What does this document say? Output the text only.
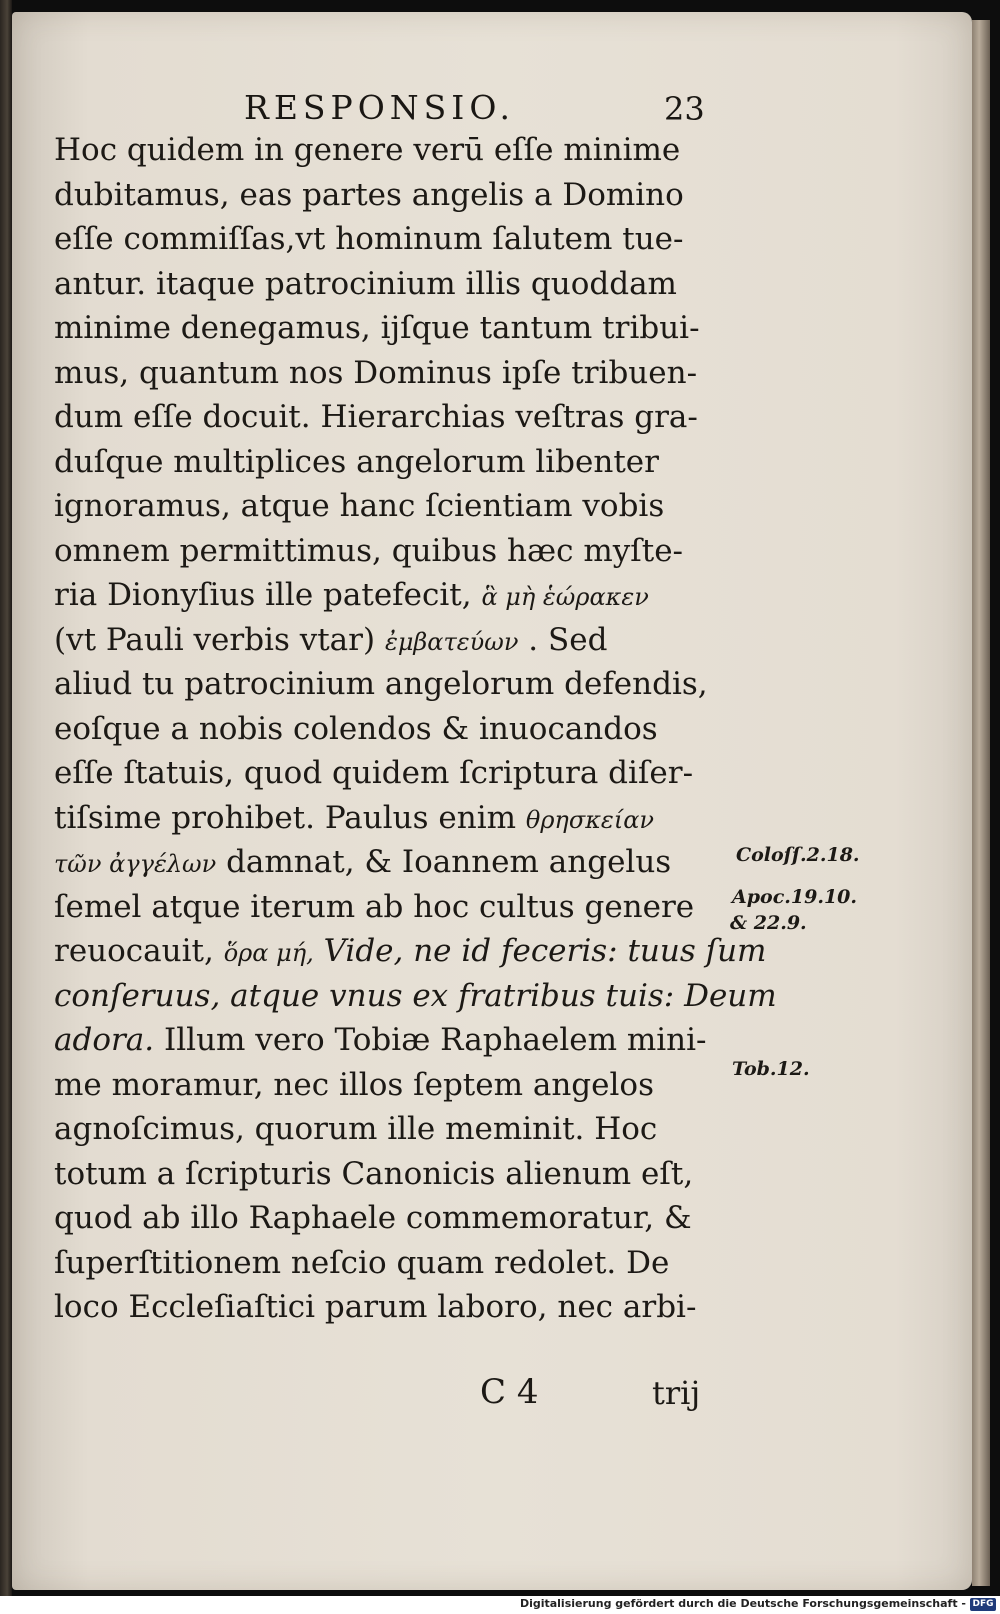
RESPONSIO.	23
Hoc quidem in genere verū eſſe minime
dubitamus, eas partes angelis a Domino
eſſe commiſſas,vt hominum ſalutem tue-
antur. itaque patrocinium illis quoddam
minime denegamus, ijſque tantum tribui-
mus, quantum nos Dominus ipſe tribuen-
dum eſſe docuit. Hierarchias veſtras gra-
duſque multiplices angelorum libenter
ignoramus, atque hanc ſcientiam vobis
omnem permittimus, quibus hæc myſte-
ria Dionyſius ille patefecit, ἃ μὴ ἑώρακεν
(vt Pauli verbis vtar) ἐμβατεύων . Sed
aliud tu patrocinium angelorum defendis,
eoſque a nobis colendos & inuocandos
eſſe ſtatuis, quod quidem ſcriptura diſer-
tiſsime prohibet. Paulus enim θρησκείαν
τῶν ἀγγέλων damnat, & Ioannem angelus
ſemel atque iterum ab hoc cultus genere
reuocauit, ὅρα μή, Vide, ne id feceris: tuus ſum
conſeruus, atque vnus ex fratribus tuis: Deum
adora. Illum vero Tobiæ Raphaelem mini-
me moramur, nec illos ſeptem angelos
agnoſcimus, quorum ille meminit. Hoc
totum a ſcripturis Canonicis alienum eſt,
quod ab illo Raphaele commemoratur, &
ſuperſtitionem neſcio quam redolet. De
loco Eccleſiaſtici parum laboro, nec arbi-
Coloſſ.2.18.
Apoc.19.10.
& 22.9.
Tob.12.
C 4	trij
Digitalisierung gefördert durch die Deutsche Forschungsgemeinschaft - DFG
